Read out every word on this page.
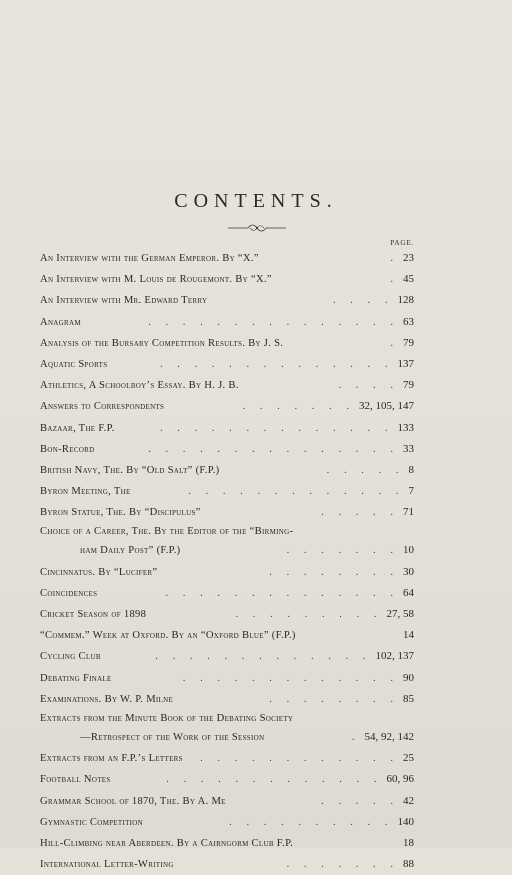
CONTENTS.
PAGE.
An Interview with the German Emperor. By “X.”	. 23
An Interview with M. Louis de Rougemont. By “X.”	. 45
An Interview with Mr. Edward Terry	. . . . 128
Anagram	. . . . . . . . . . . . . . . 63
Analysis of the Bursary Competition Results. By J. S.	. 79
Aquatic Sports	. . . . . . . . . . . . . . 137
Athletics, A Schoolboy’s Essay. By H. J. B.	. . . . 79
Answers to Correspondents	. . . . . . . 32, 105, 147
Bazaar, The F.P.	. . . . . . . . . . . . . . 133
Bon-Record	. . . . . . . . . . . . . . . 33
British Navy, The. By “Old Salt” (F.P.)	. . . . . 8
Byron Meeting, The	. . . . . . . . . . . . . 7
Byron Statue, The. By “Discipulus”	. . . . . 71
Choice of a Career, The. By the Editor of the “Birming-
ham Daily Post” (F.P.)	. . . . . . . 10
Cincinnatus. By “Lucifer”	. . . . . . . . 30
Coincidences	. . . . . . . . . . . . . . 64
Cricket Season of 1898	. . . . . . . . . 27, 58
“Commem.” Week at Oxford. By an “Oxford Blue” (F.P.)	14
Cycling Club	. . . . . . . . . . . . . 102, 137
Debating Finale	. . . . . . . . . . . . . 90
Examinations. By W. P. Milne	. . . . . . . . 85
Extracts from the Minute Book of the Debating Society
—Retrospect of the Work of the Session	. 54, 92, 142
Extracts from an F.P.’s Letters	. . . . . . . . . . . . 25
Football Notes	. . . . . . . . . . . . . 60, 96
Grammar School of 1870, The. By A. Me	. . . . . 42
Gymnastic Competition	. . . . . . . . . . 140
Hill-Climbing near Aberdeen. By a Cairngorm Club F.P.	18
International Letter-Writing	. . . . . . . 88
